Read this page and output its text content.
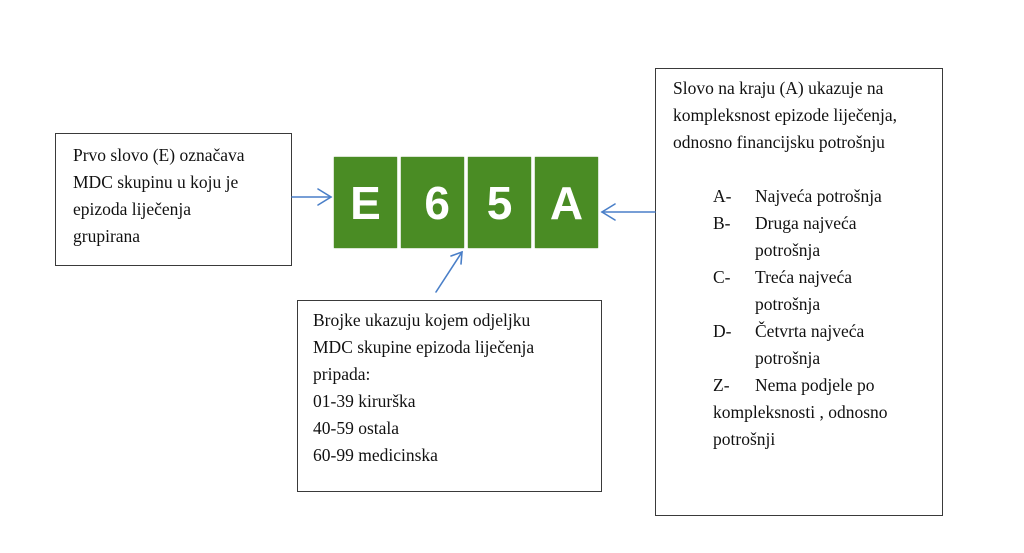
Prvo slovo (E) označava

MDC skupinu u koju je

epizoda liječenja

grupirana

E 6 5 A

Brojke ukazuju kojem odjeljku

MDC skupine epizoda liječenja

pripada:

01-39 kirurška

40-59 ostala

60-99 medicinska

Slovo na kraju (A) ukazuje na

kompleksnost epizode liječenja,

odnosno financijsku potrošnju

A-	Najveća potrošnja
B-	Druga najveća
potrošnja
C-	Treća najveća
potrošnja
D-	Četvrta najveća
potrošnja
Z- Nema podjele po
kompleksnosti , odnosno
potrošnji
